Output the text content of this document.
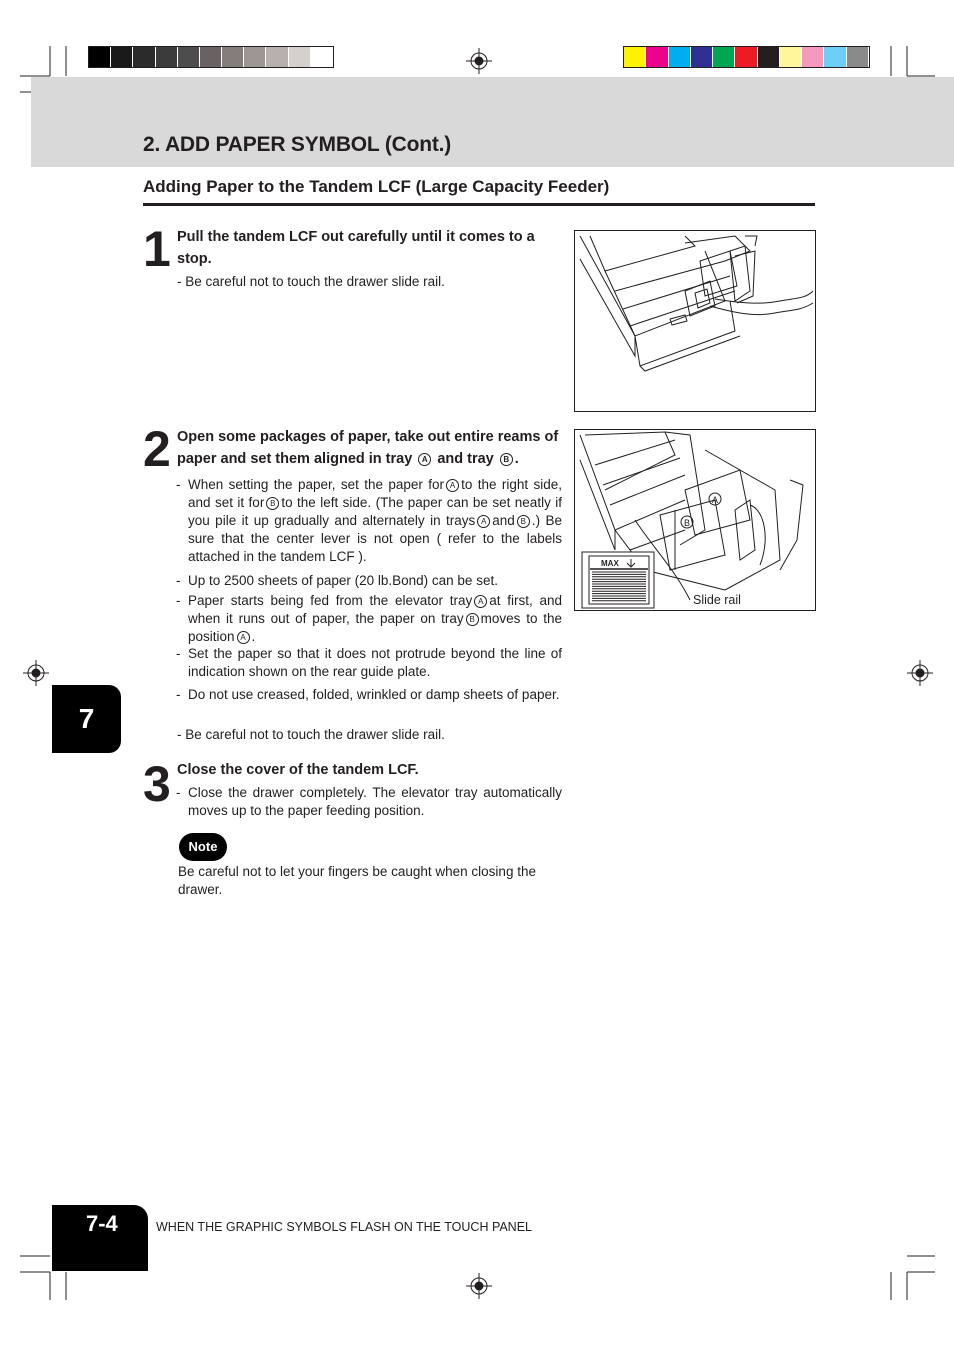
2. ADD PAPER SYMBOL (Cont.)
Adding Paper to the Tandem LCF (Large Capacity Feeder)
1 Pull the tandem LCF out carefully until it comes to a stop.
- Be careful not to touch the drawer slide rail.
2 Open some packages of paper, take out entire reams of paper and set them aligned in tray A and tray B .
- When setting the paper, set the paper for A to the right side, and set it for B to the left side. (The paper can be set neatly if you pile it up gradually and alternately in trays A and B .) Be sure that the center lever is not open ( refer to the labels attached in the tandem LCF ).
- Up to 2500 sheets of paper (20 lb.Bond) can be set.
- Paper starts being fed from the elevator tray A at first, and when it runs out of paper, the paper on tray B moves to the position A .
- Set the paper so that it does not protrude beyond the line of indication shown on the rear guide plate.
- Do not use creased, folded, wrinkled or damp sheets of paper.
- Be careful not to touch the drawer slide rail.
A
B
MAX
Slide rail
3 Close the cover of the tandem LCF.
- Close the drawer completely. The elevator tray automatically moves up to the paper feeding position.
Note
Be careful not to let your fingers be caught when closing the drawer.
7
7-4	WHEN THE GRAPHIC SYMBOLS FLASH ON THE TOUCH PANEL
